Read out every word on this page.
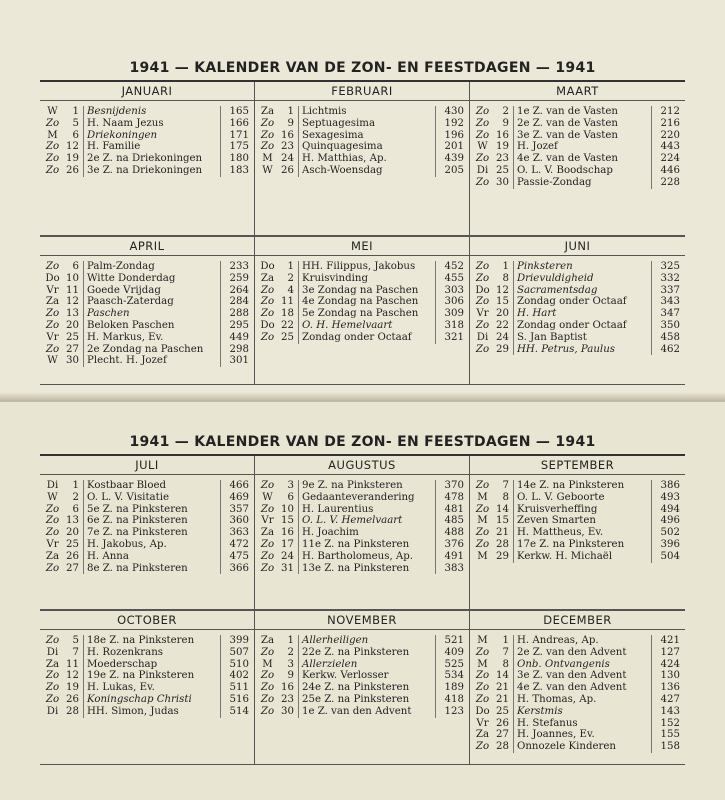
1941 — KALENDER VAN DE ZON- EN FEESTDAGEN — 1941
JANUARI	FEBRUARI	MAART
W	1 Besnijdenis	165
Zo	5 H. Naam Jezus	166
M	6 Driekoningen	171
Zo 12 H. Familie	175
Zo 19 2e Z. na Driekoningen	180
Zo 26 3e Z. na Driekoningen	183
Za	1 Lichtmis	430
Zo	9 Septuagesima	192
Zo 16 Sexagesima	196
Zo 23 Quinquagesima	201
M 24 H. Matthias, Ap.	439
W 26 Asch-Woensdag	205
Zo	2 1e Z. van de Vasten	212
Zo	9 2e Z. van de Vasten	216
Zo 16 3e Z. van de Vasten	220
W 19 H. Jozef	443
Zo 23 4e Z. van de Vasten	224
Di 25 O. L. V. Boodschap	446
Zo 30 Passie-Zondag	228
APRIL	MEI	JUNI
Zo	6 Palm-Zondag	233
Do 10 Witte Donderdag	259
Vr 11 Goede Vrijdag	264
Za 12 Paasch-Zaterdag	284
Zo 13 Paschen	288
Zo 20 Beloken Paschen	295
Vr 25 H. Markus, Ev.	449
Zo 27 2e Zondag na Paschen	298
W 30 Plecht. H. Jozef	301
Do	1 HH. Filippus, Jakobus	452
Za	2 Kruisvinding	455
Zo	4 3e Zondag na Paschen	303
Zo 11 4e Zondag na Paschen	306
Zo 18 5e Zondag na Paschen	309
Do 22 O. H. Hemelvaart	318
Zo 25 Zondag onder Octaaf	321
Zo	1 Pinksteren	325
Zo	8 Drievuldigheid	332
Do 12 Sacramentsdag	337
Zo 15 Zondag onder Octaaf	343
Vr 20 H. Hart	347
Zo 22 Zondag onder Octaaf	350
Di 24 S. Jan Baptist	458
Zo 29 HH. Petrus, Paulus	462
1941 — KALENDER VAN DE ZON- EN FEESTDAGEN — 1941
JULI	AUGUSTUS	SEPTEMBER
Di	1 Kostbaar Bloed	466
W	2 O. L. V. Visitatie	469
Zo	6 5e Z. na Pinksteren	357
Zo 13 6e Z. na Pinksteren	360
Zo 20 7e Z. na Pinksteren	363
Vr 25 H. Jakobus, Ap.	472
Za 26 H. Anna	475
Zo 27 8e Z. na Pinksteren	366
Zo	3 9e Z. na Pinksteren	370
W	6 Gedaanteverandering	478
Zo 10 H. Laurentius	481
Vr 15 O. L. V. Hemelvaart	485
Za 16 H. Joachim	488
Zo 17 11e Z. na Pinksteren	376
Zo 24 H. Bartholomeus, Ap.	491
Zo 31 13e Z. na Pinksteren	383
Zo	7 14e Z. na Pinksteren	386
M	8 O. L. V. Geboorte	493
Zo 14 Kruisverheffing	494
M 15 Zeven Smarten	496
Zo 21 H. Mattheus, Ev.	502
Zo 28 17e Z. na Pinksteren	396
M 29 Kerkw. H. Michaël	504
OCTOBER	NOVEMBER	DECEMBER
Zo	5 18e Z. na Pinksteren	399
Di	7 H. Rozenkrans	507
Za 11 Moederschap	510
Zo 12 19e Z. na Pinksteren	402
Zo 19 H. Lukas, Ev.	511
Zo 26 Koningschap Christi	516
Di 28 HH. Simon, Judas	514
Za	1 Allerheiligen	521
Zo	2 22e Z. na Pinksteren	409
M	3 Allerzielen	525
Zo	9 Kerkw. Verlosser	534
Zo 16 24e Z. na Pinksteren	189
Zo 23 25e Z. na Pinksteren	418
Zo 30 1e Z. van den Advent	123
M	1 H. Andreas, Ap.	421
Zo	7 2e Z. van den Advent	127
M	8 Onb. Ontvangenis	424
Zo 14 3e Z. van den Advent	130
Zo 21 4e Z. van den Advent	136
Zo 21 H. Thomas, Ap.	427
Do 25 Kerstmis	143
Vr 26 H. Stefanus	152
Za 27 H. Joannes, Ev.	155
Zo 28 Onnozele Kinderen	158
